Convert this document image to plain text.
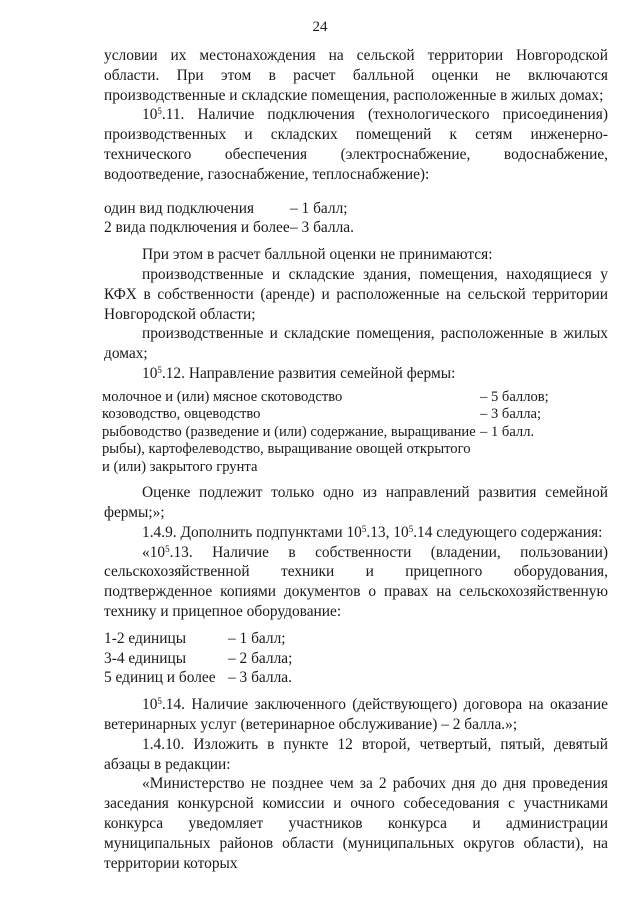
24

условии их местонахождения на сельской территории Новгородской области. При этом в расчет балльной оценки не включаются производственные и складские помещения, расположенные в жилых домах;

$10^5.11$. Наличие подключения (технологического присоединения) производственных и складских помещений к сетям инженерно-технического обеспечения (электроснабжение, водоснабжение, водоотведение, газоснабжение, теплоснабжение):

один вид подключения	– 1 балл;
2 вида подключения и более – 3 балла.

При этом в расчет балльной оценки не принимаются:

производственные и складские здания, помещения, находящиеся у КФХ в собственности (аренде) и расположенные на сельской территории Новгородской области;

производственные и складские помещения, расположенные в жилых домах;

$10^5.12$. Направление развития семейной фермы:

молочное и (или) мясное скотоводство	– 5 баллов;
козоводство, овцеводство	– 3 балла;
рыбоводство (разведение и (или) содержание, выращивание рыбы), картофелеводство, выращивание овощей открытого и (или) закрытого грунта
– 1 балл.

Оценке подлежит только одно из направлений развития семейной фермы;»;

1.4.9. Дополнить подпунктами $10^5.13$, $10^5.14$ следующего содержания:

«$10^5.13$. Наличие в собственности (владении, пользовании) сельскохозяйственной техники и прицепного оборудования, подтвержденное копиями документов о правах на сельскохозяйственную технику и прицепное оборудование:

1-2 единицы	– 1 балл;
3-4 единицы	– 2 балла;
5 единиц и более – 3 балла.

$10^5.14$. Наличие заключенного (действующего) договора на оказание ветеринарных услуг (ветеринарное обслуживание) – 2 балла.»;

1.4.10. Изложить в пункте 12 второй, четвертый, пятый, девятый абзацы в редакции:

«Министерство не позднее чем за 2 рабочих дня до дня проведения заседания конкурсной комиссии и очного собеседования с участниками конкурса уведомляет участников конкурса и администрации муниципальных районов области (муниципальных округов области), на территории которых
